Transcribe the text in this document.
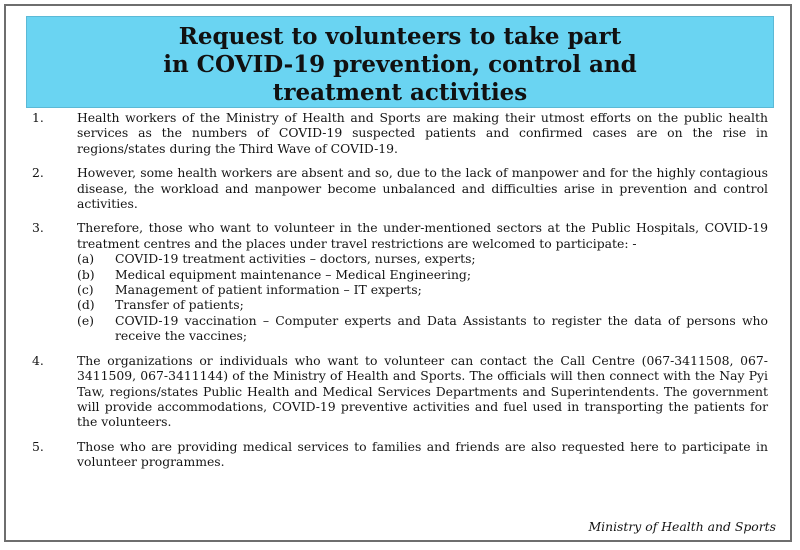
Request to volunteers to take part
in COVID-19 prevention, control and
treatment activities
1.	Health workers of the Ministry of Health and Sports are making their utmost efforts on the public health services as the numbers of COVID-19 suspected patients and confirmed cases are on the rise in regions/states during the Third Wave of COVID-19.
2.	However, some health workers are absent and so, due to the lack of manpower and for the highly contagious disease, the workload and manpower become unbalanced and difficulties arise in prevention and control activities.
3.	Therefore, those who want to volunteer in the under-mentioned sectors at the Public Hospitals, COVID-19 treatment centres and the places under travel restrictions are welcomed to participate: -
(a) COVID-19 treatment activities – doctors, nurses, experts;
(b) Medical equipment maintenance – Medical Engineering;
(c) Management of patient information – IT experts;
(d) Transfer of patients;
(e) COVID-19 vaccination – Computer experts and Data Assistants to register the data of persons who receive the vaccines;
4.	The organizations or individuals who want to volunteer can contact the Call Centre (067-3411508, 067-3411509, 067-3411144) of the Ministry of Health and Sports. The officials will then connect with the Nay Pyi Taw, regions/states Public Health and Medical Services Departments and Superintendents. The government will provide accommodations, COVID-19 preventive activities and fuel used in transporting the patients for the volunteers.
5.	Those who are providing medical services to families and friends are also requested here to participate in volunteer programmes.
Ministry of Health and Sports
